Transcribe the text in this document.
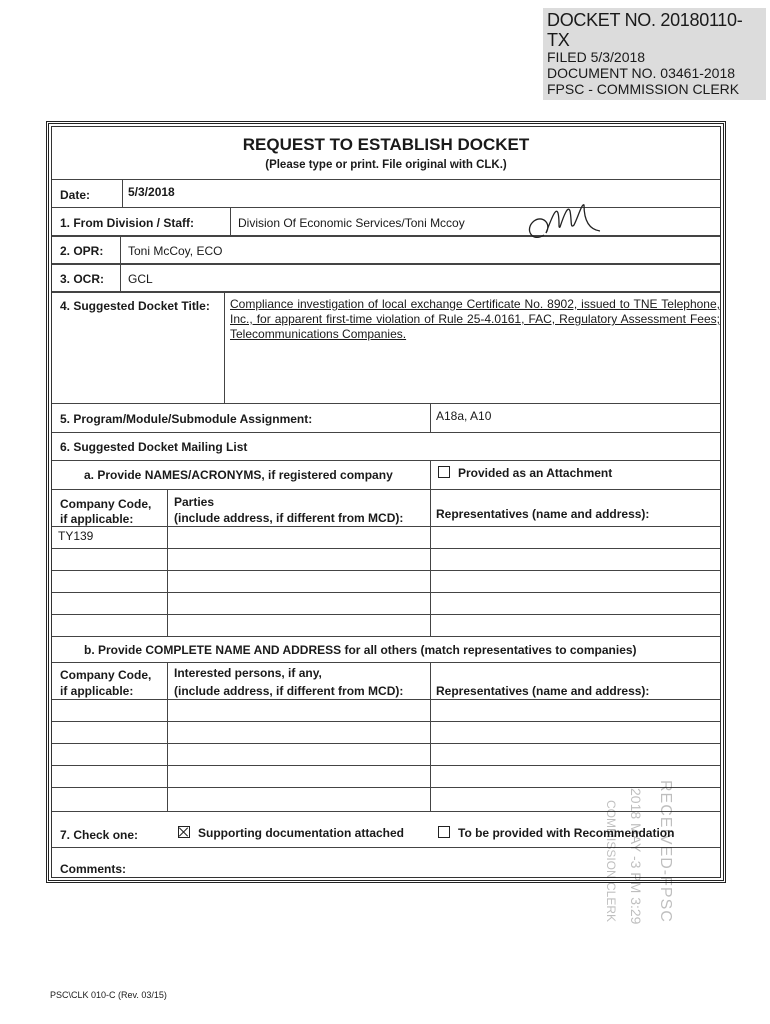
DOCKET NO. 20180110-TX
FILED 5/3/2018
DOCUMENT NO. 03461-2018
FPSC - COMMISSION CLERK
REQUEST TO ESTABLISH DOCKET
(Please type or print. File original with CLK.)
Date:	5/3/2018
1. From Division / Staff:	Division Of Economic Services/Toni Mccoy
2. OPR: Toni McCoy, ECO
3. OCR: GCL
4. Suggested Docket Title: Compliance investigation of local exchange Certificate No. 8902, issued to TNE Telephone, Inc., for apparent first-time violation of Rule 25-4.0161, FAC, Regulatory Assessment Fees; Telecommunications Companies.
5. Program/Module/Submodule Assignment:	A18a, A10
6. Suggested Docket Mailing List
a. Provide NAMES/ACRONYMS, if registered company	Provided as an Attachment
Company Code,
if applicable:
Parties
(include address, if different from MCD):	Representatives (name and address):
TY139
b. Provide COMPLETE NAME AND ADDRESS for all others (match representatives to companies)
Company Code,
if applicable:
Interested persons, if any,
(include address, if different from MCD):	Representatives (name and address):
7. Check one:	Supporting documentation attached	To be provided with Recommendation
Comments:	RECEIVED-FPSC
2018 MAY -3 PM 3:29
COMMISSION CLERK
PSC\CLK 010-C (Rev. 03/15)
